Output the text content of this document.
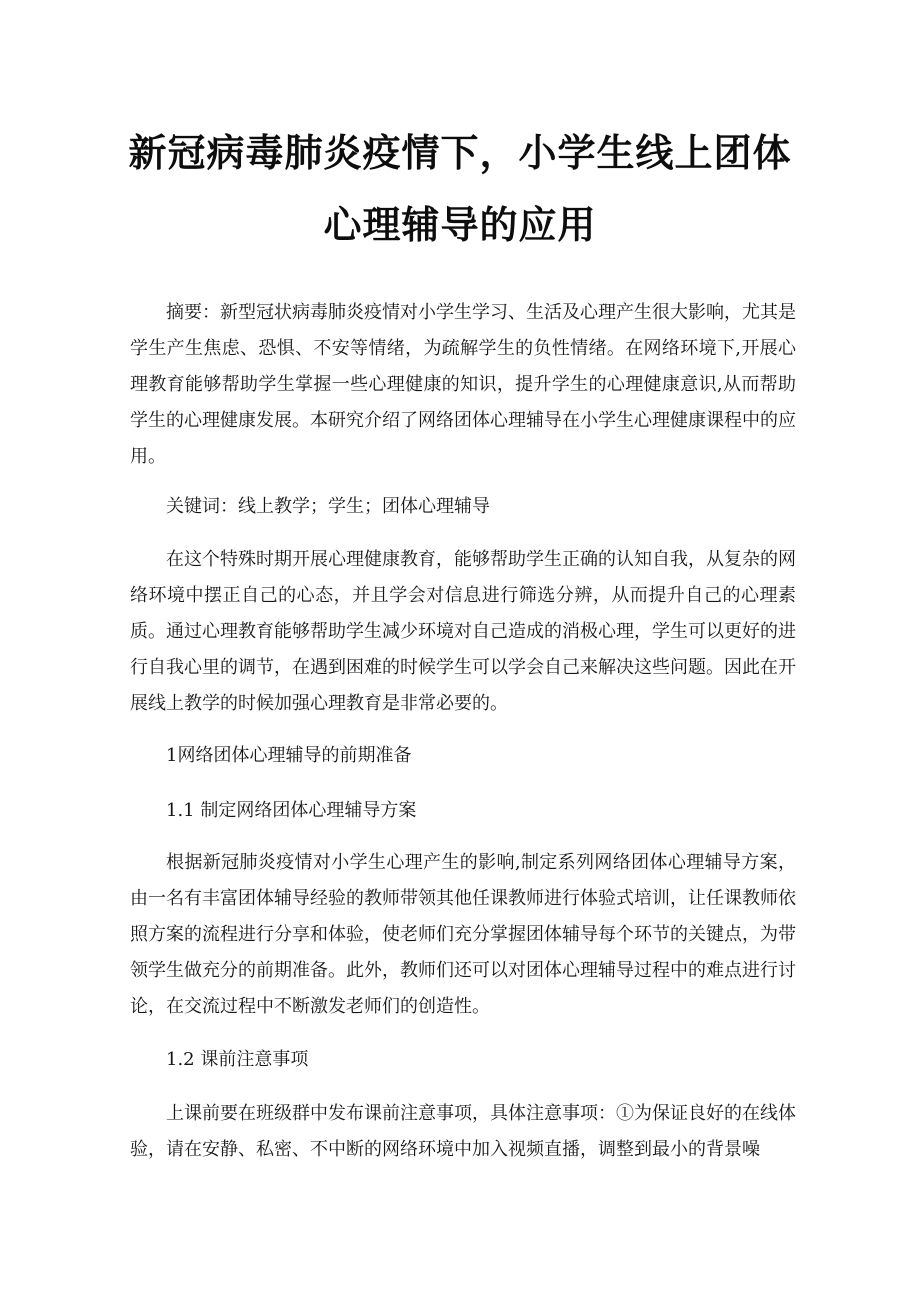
新冠病毒肺炎疫情下，小学生线上团体
心理辅导的应用

摘要：新型冠状病毒肺炎疫情对小学生学习、生活及心理产生很大影响，尤其是学生产生焦虑、恐惧、不安等情绪，为疏解学生的负性情绪。在网络环境下,开展心理教育能够帮助学生掌握一些心理健康的知识，提升学生的心理健康意识,从而帮助学生的心理健康发展。本研究介绍了网络团体心理辅导在小学生心理健康课程中的应用。

关键词：线上教学；学生；团体心理辅导

在这个特殊时期开展心理健康教育，能够帮助学生正确的认知自我，从复杂的网络环境中摆正自己的心态，并且学会对信息进行筛选分辨，从而提升自己的心理素质。通过心理教育能够帮助学生减少环境对自己造成的消极心理，学生可以更好的进行自我心里的调节，在遇到困难的时候学生可以学会自己来解决这些问题。因此在开展线上教学的时候加强心理教育是非常必要的。

1网络团体心理辅导的前期准备
1.1 制定网络团体心理辅导方案

根据新冠肺炎疫情对小学生心理产生的影响,制定系列网络团体心理辅导方案，由一名有丰富团体辅导经验的教师带领其他任课教师进行体验式培训，让任课教师依照方案的流程进行分享和体验，使老师们充分掌握团体辅导每个环节的关键点，为带领学生做充分的前期准备。此外，教师们还可以对团体心理辅导过程中的难点进行讨论，在交流过程中不断激发老师们的创造性。

1.2 课前注意事项

上课前要在班级群中发布课前注意事项，具体注意事项：①为保证良好的在线体验，请在安静、私密、不中断的网络环境中加入视频直播，调整到最小的背景噪
